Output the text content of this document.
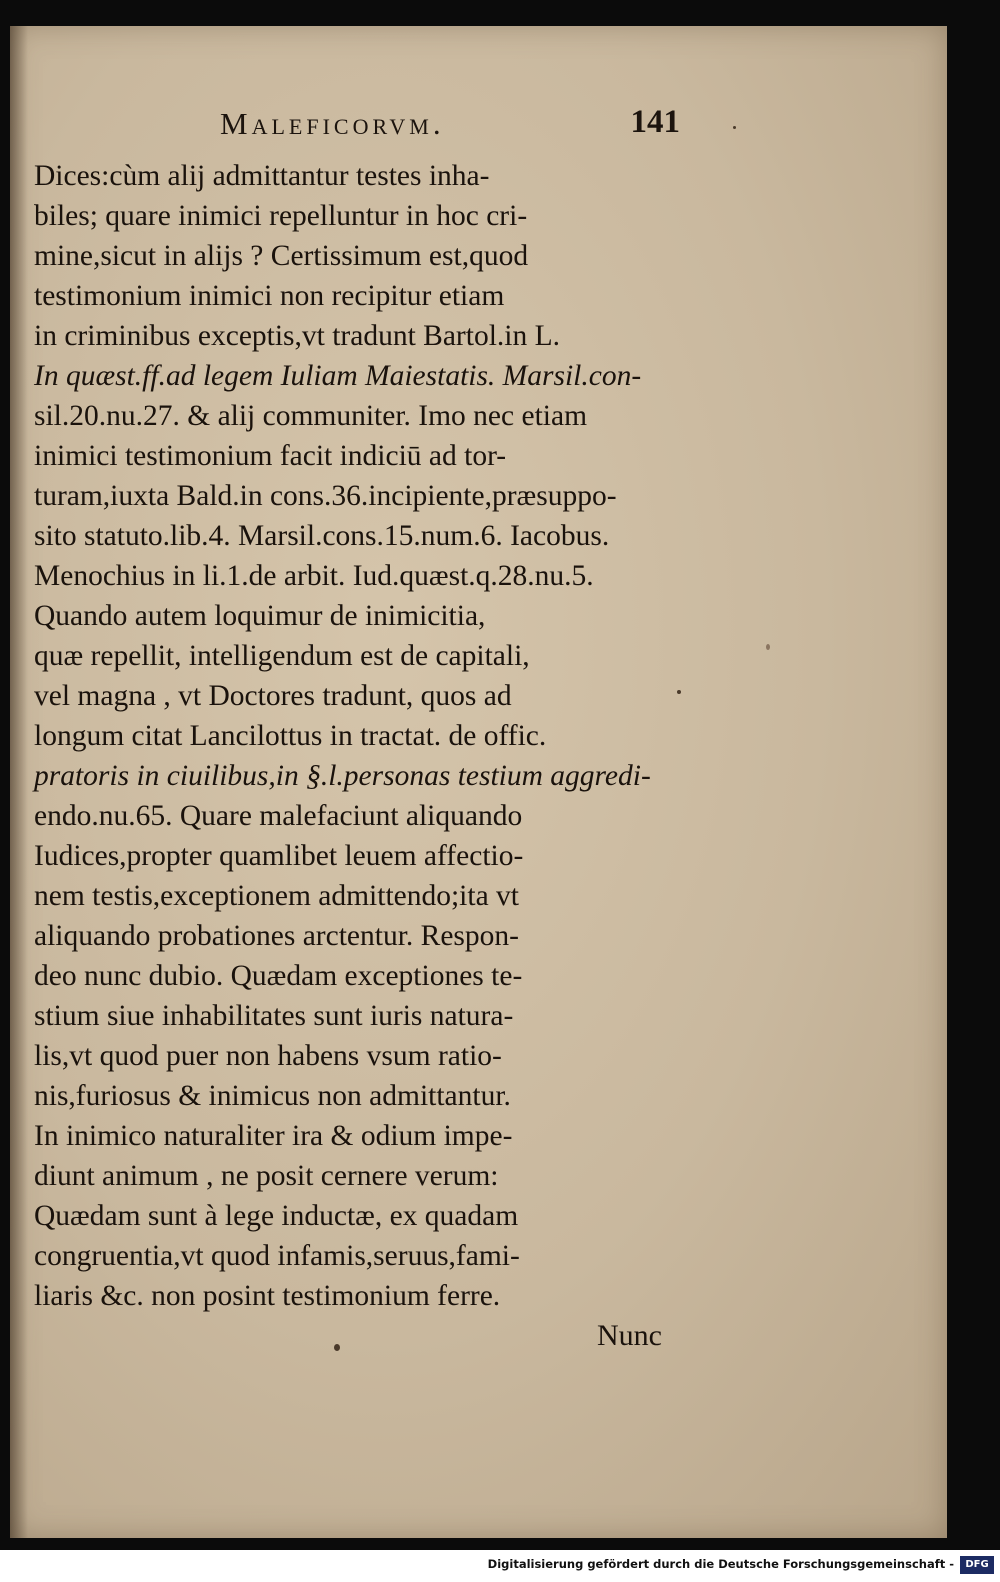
Maleficorvm.	141
Dices:cùm alij admittantur testes inha-
biles; quare inimici repelluntur in hoc cri-
mine,sicut in alijs ? Certissimum est,quod
testimonium inimici non recipitur etiam
in criminibus exceptis,vt tradunt Bartol.in L.
In quæst.ff.ad legem Iuliam Maiestatis. Marsil.con-
sil.20.nu.27. & alij communiter. Imo nec etiam
inimici testimonium facit indiciū ad tor-
turam,iuxta Bald.in cons.36.incipiente,præsuppo-
sito statuto.lib.4. Marsil.cons.15.num.6. Iacobus.
Menochius in li.1.de arbit. Iud.quæst.q.28.nu.5.
Quando autem loquimur de inimicitia,
quæ repellit, intelligendum est de capitali,
vel magna , vt Doctores tradunt, quos ad
longum citat Lancilottus in tractat. de offic.
pratoris in ciuilibus,in §.l.personas testium aggredi-
endo.nu.65. Quare malefaciunt aliquando
Iudices,propter quamlibet leuem affectio-
nem testis,exceptionem admittendo;ita vt
aliquando probationes arctentur. Respon-
deo nunc dubio. Quædam exceptiones te-
stium siue inhabilitates sunt iuris natura-
lis,vt quod puer non habens vsum ratio-
nis,furiosus & inimicus non admittantur.
In inimico naturaliter ira & odium impe-
diunt animum , ne posit cernere verum:
Quædam sunt à lege inductæ, ex quadam
congruentia,vt quod infamis,seruus,fami-
liaris &c. non posint testimonium ferre.
Nunc
Digitalisierung gefördert durch die Deutsche Forschungsgemeinschaft -	DFG
